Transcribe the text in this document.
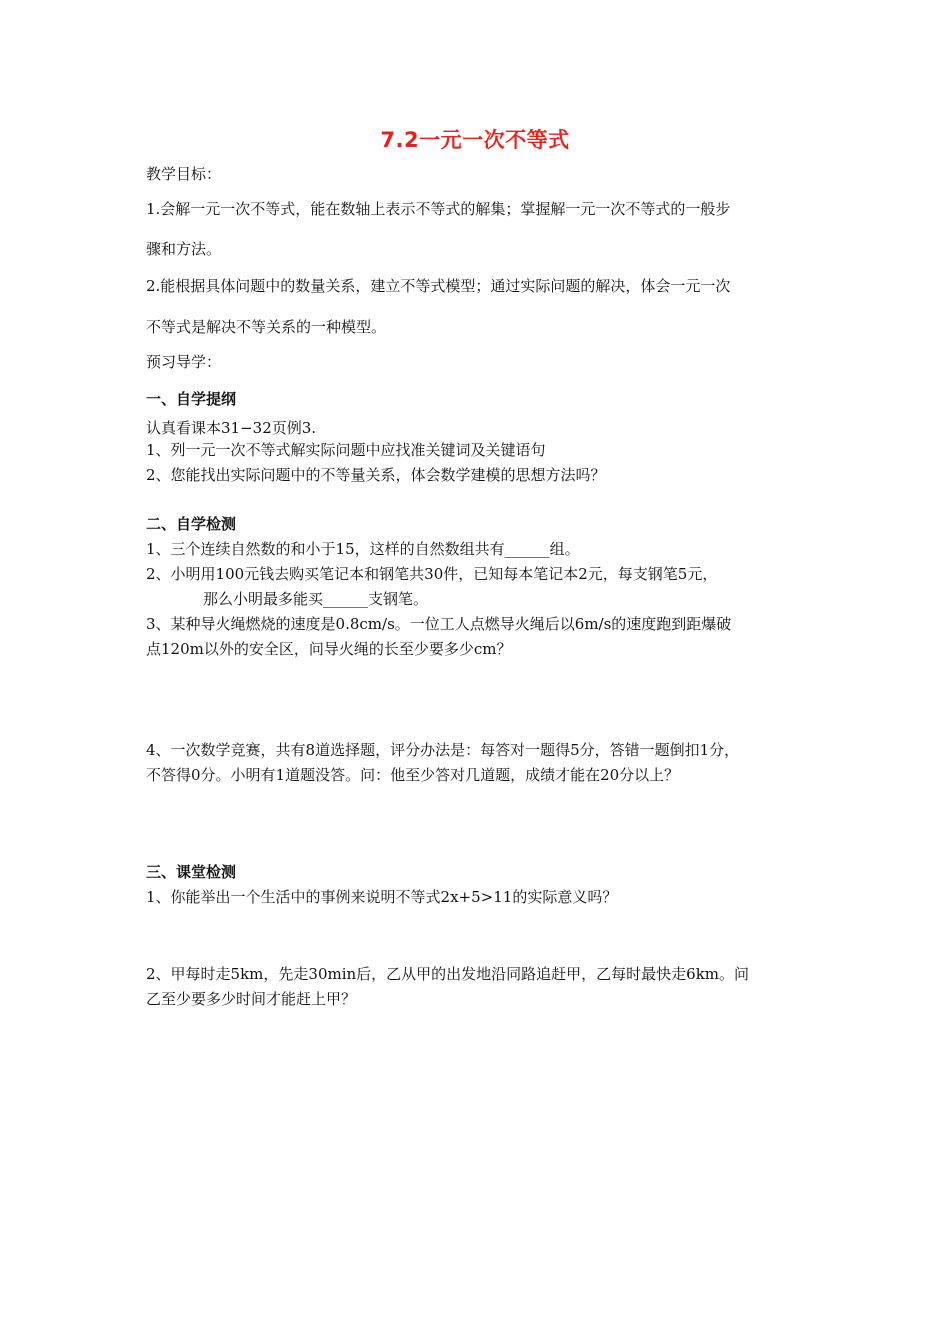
7.2一元一次不等式
教学目标：
1.会解一元一次不等式，能在数轴上表示不等式的解集；掌握解一元一次不等式的一般步
骤和方法。
2.能根据具体问题中的数量关系，建立不等式模型；通过实际问题的解决，体会一元一次
不等式是解决不等关系的一种模型。
预习导学：
一、自学提纲
认真看课本31−32页例3.
1、列一元一次不等式解实际问题中应找准关键词及关键语句
2、您能找出实际问题中的不等量关系，体会数学建模的思想方法吗？
二、自学检测
1、三个连续自然数的和小于15，这样的自然数组共有______组。
2、小明用100元钱去购买笔记本和钢笔共30件，已知每本笔记本2元，每支钢笔5元，
那么小明最多能买______支钢笔。
3、某种导火绳燃烧的速度是0.8cm/s。一位工人点燃导火绳后以6m/s的速度跑到距爆破
点120m以外的安全区，问导火绳的长至少要多少cm？
4、一次数学竞赛，共有8道选择题，评分办法是：每答对一题得5分，答错一题倒扣1分，
不答得0分。小明有1道题没答。问：他至少答对几道题，成绩才能在20分以上？
三、课堂检测
1、你能举出一个生活中的事例来说明不等式2x+5>11的实际意义吗？
2、甲每时走5km，先走30min后，乙从甲的出发地沿同路追赶甲，乙每时最快走6km。问
乙至少要多少时间才能赶上甲？
